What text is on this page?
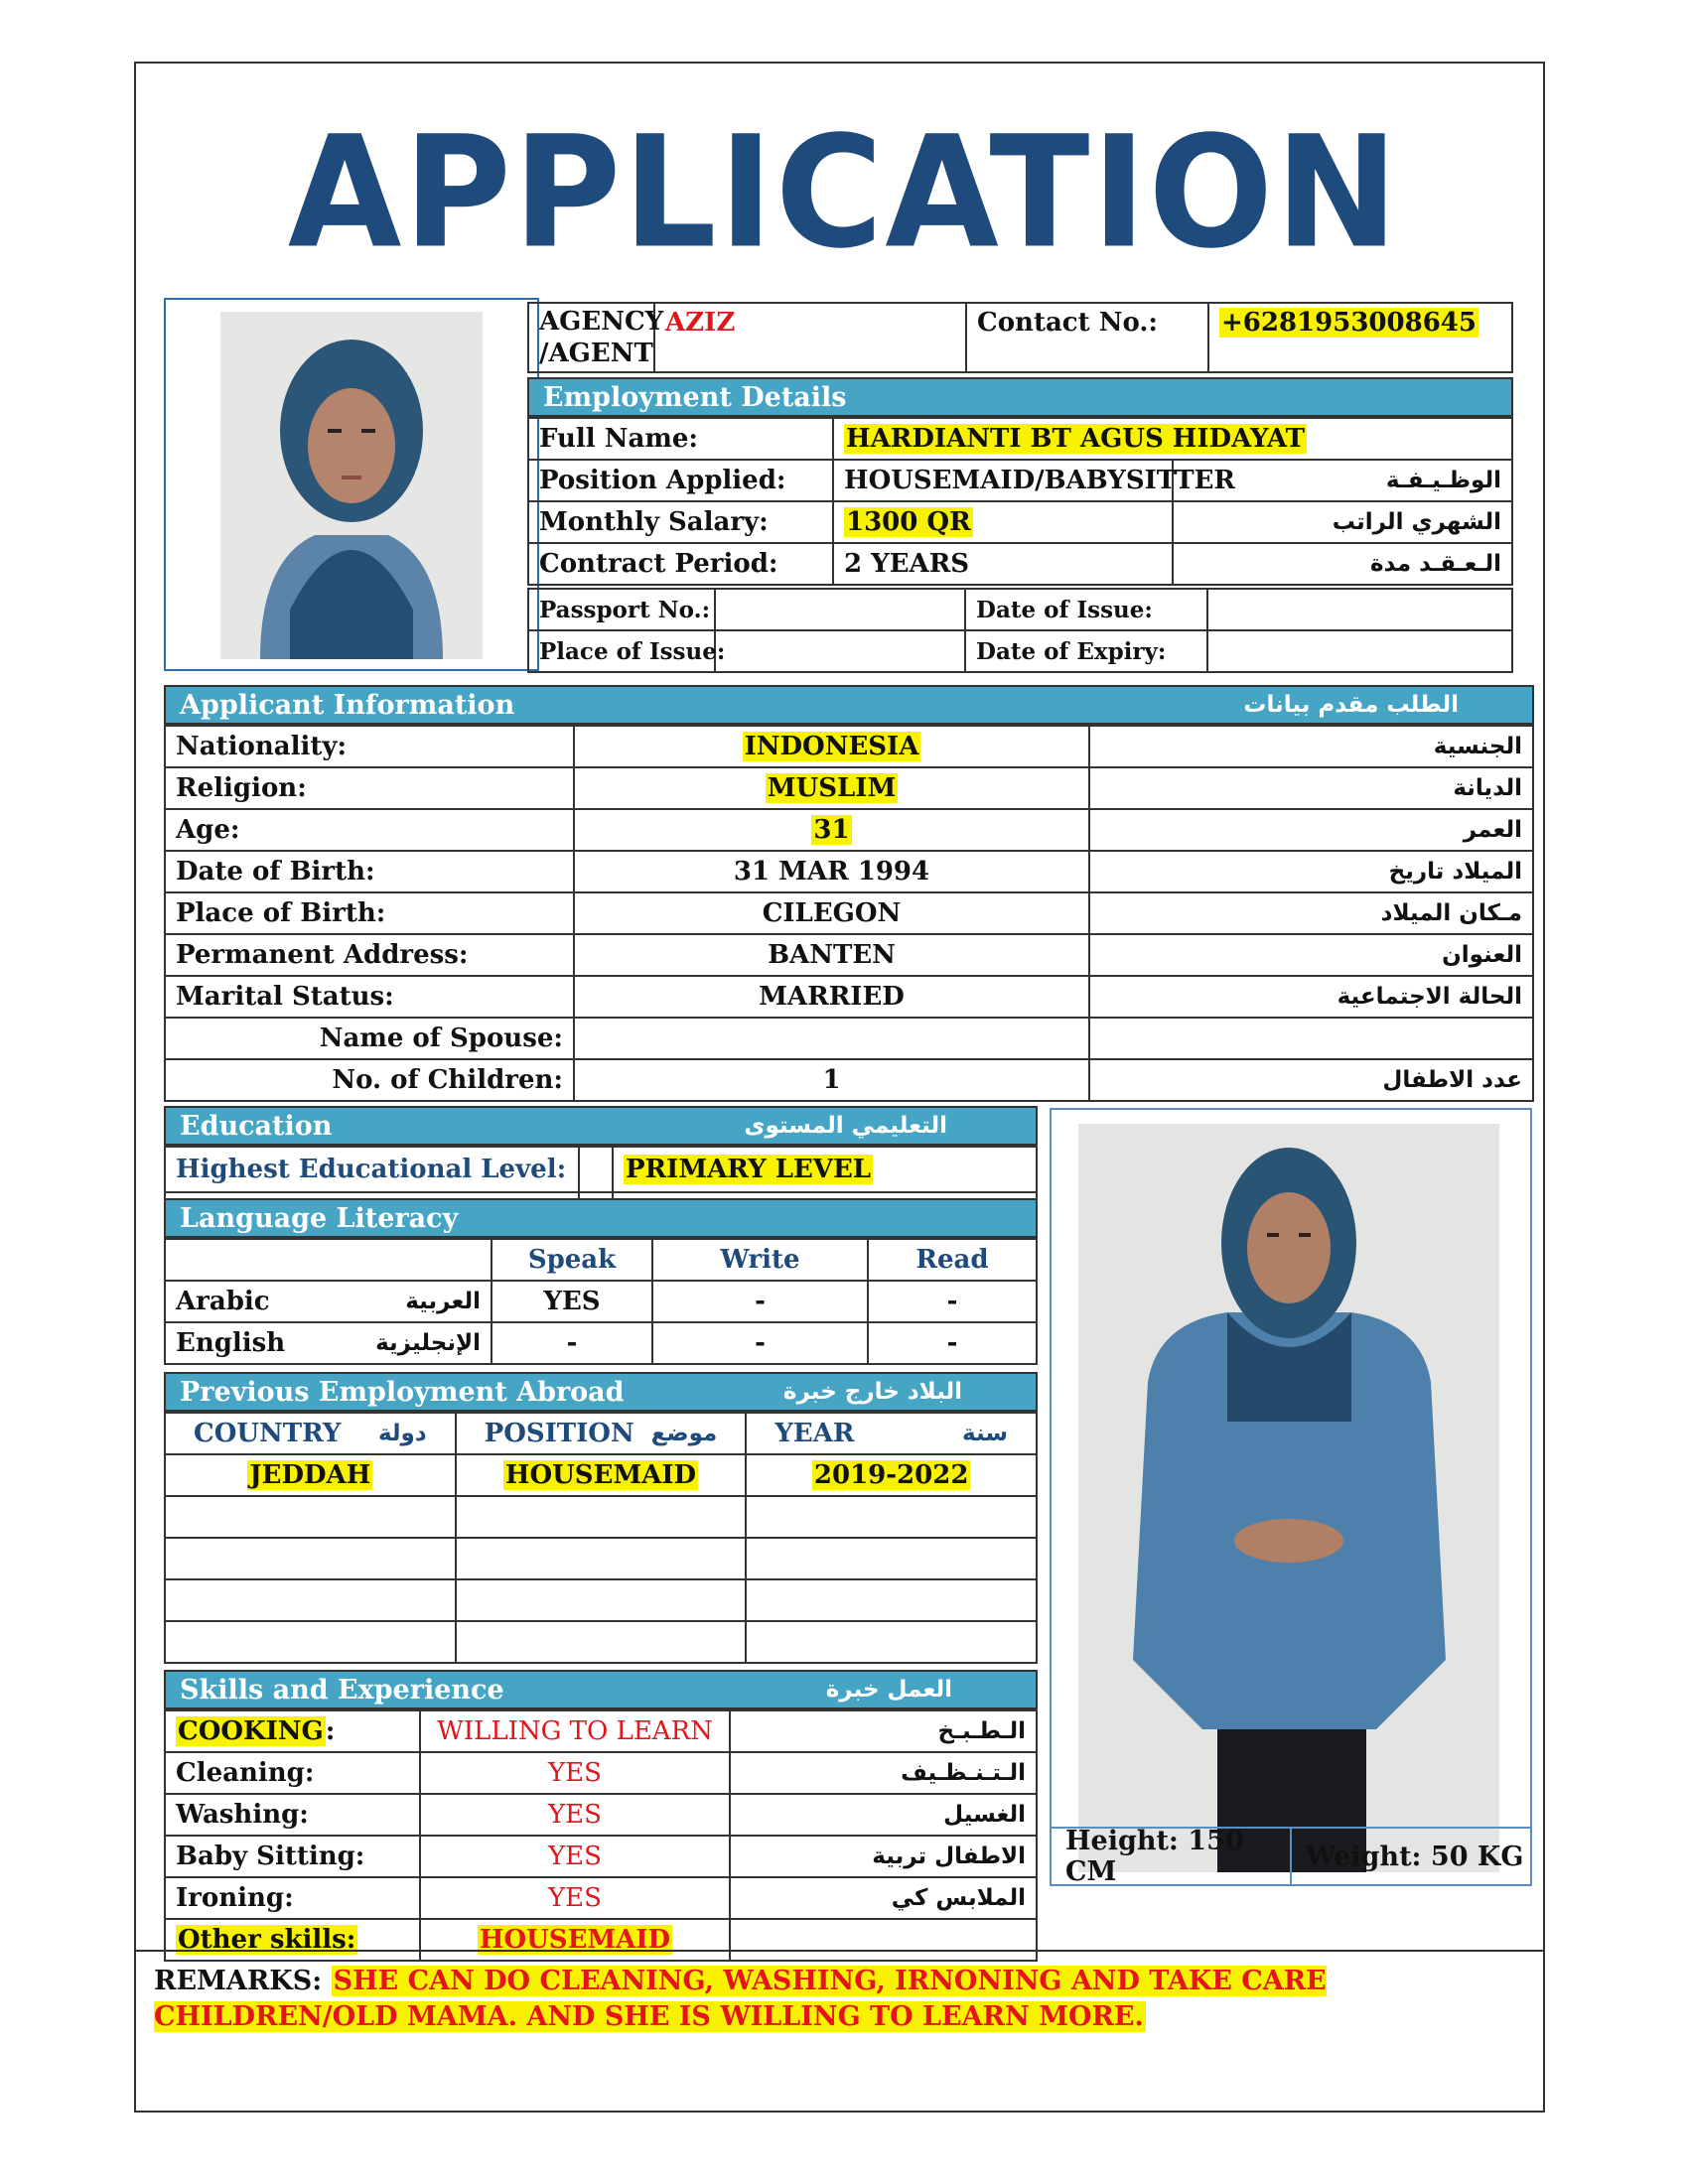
APPLICATION
AGENCY /AGENT	AZIZ	Contact No.:	+6281953008645
Employment Details
Full Name:	HARDIANTI BT AGUS HIDAYAT	
Position Applied:	HOUSEMAID/BABYSITTER	الوظـيـفـة
Monthly Salary:	1300 QR	الشهري الراتب
Contract Period:	2 YEARS	الـعـقـد مدة
Passport No.:		Date of Issue:	
Place of Issue:		Date of Expiry:	
Applicant Information	الطلب مقدم بيانات
Nationality:	INDONESIA	الجنسية
Religion:	MUSLIM	الديانة
Age:	31	العمر
Date of Birth:	31 MAR 1994	الميلاد تاريخ
Place of Birth:	CILEGON	مـكان الميلاد
Permanent Address:	BANTEN	العنوان
Marital Status:	MARRIED	الحالة الاجتماعية
Name of Spouse:		
No. of Children:	1	عدد الاطفال
Education	التعليمي المستوى
Highest Educational Level:		PRIMARY LEVEL

Language Literacy
	Speak	Write	Read

Arabic العربية	YES	-	-

English الإنجليزية	-	-	-
Previous Employment Abroad	البلاد خارج خبرة
COUNTRY دولة	POSITION موضع	YEAR سنة

JEDDAH	HOUSEMAID	2019-2022

Skills and Experience	العمل خبرة
COOKING:	WILLING TO LEARN	الـطـبـخ
Cleaning:	YES	الـتـنـظـيف
Washing:	YES	الغسيل
Baby Sitting:	YES	الاطفال تربية
Ironing:	YES	الملابس كي
Other skills:	HOUSEMAID	
Height: 150 CM	Weight: 50 KG
REMARKS: SHE CAN DO CLEANING, WASHING, IRNONING AND TAKE CARE CHILDREN/OLD MAMA. AND SHE IS WILLING TO LEARN MORE.
